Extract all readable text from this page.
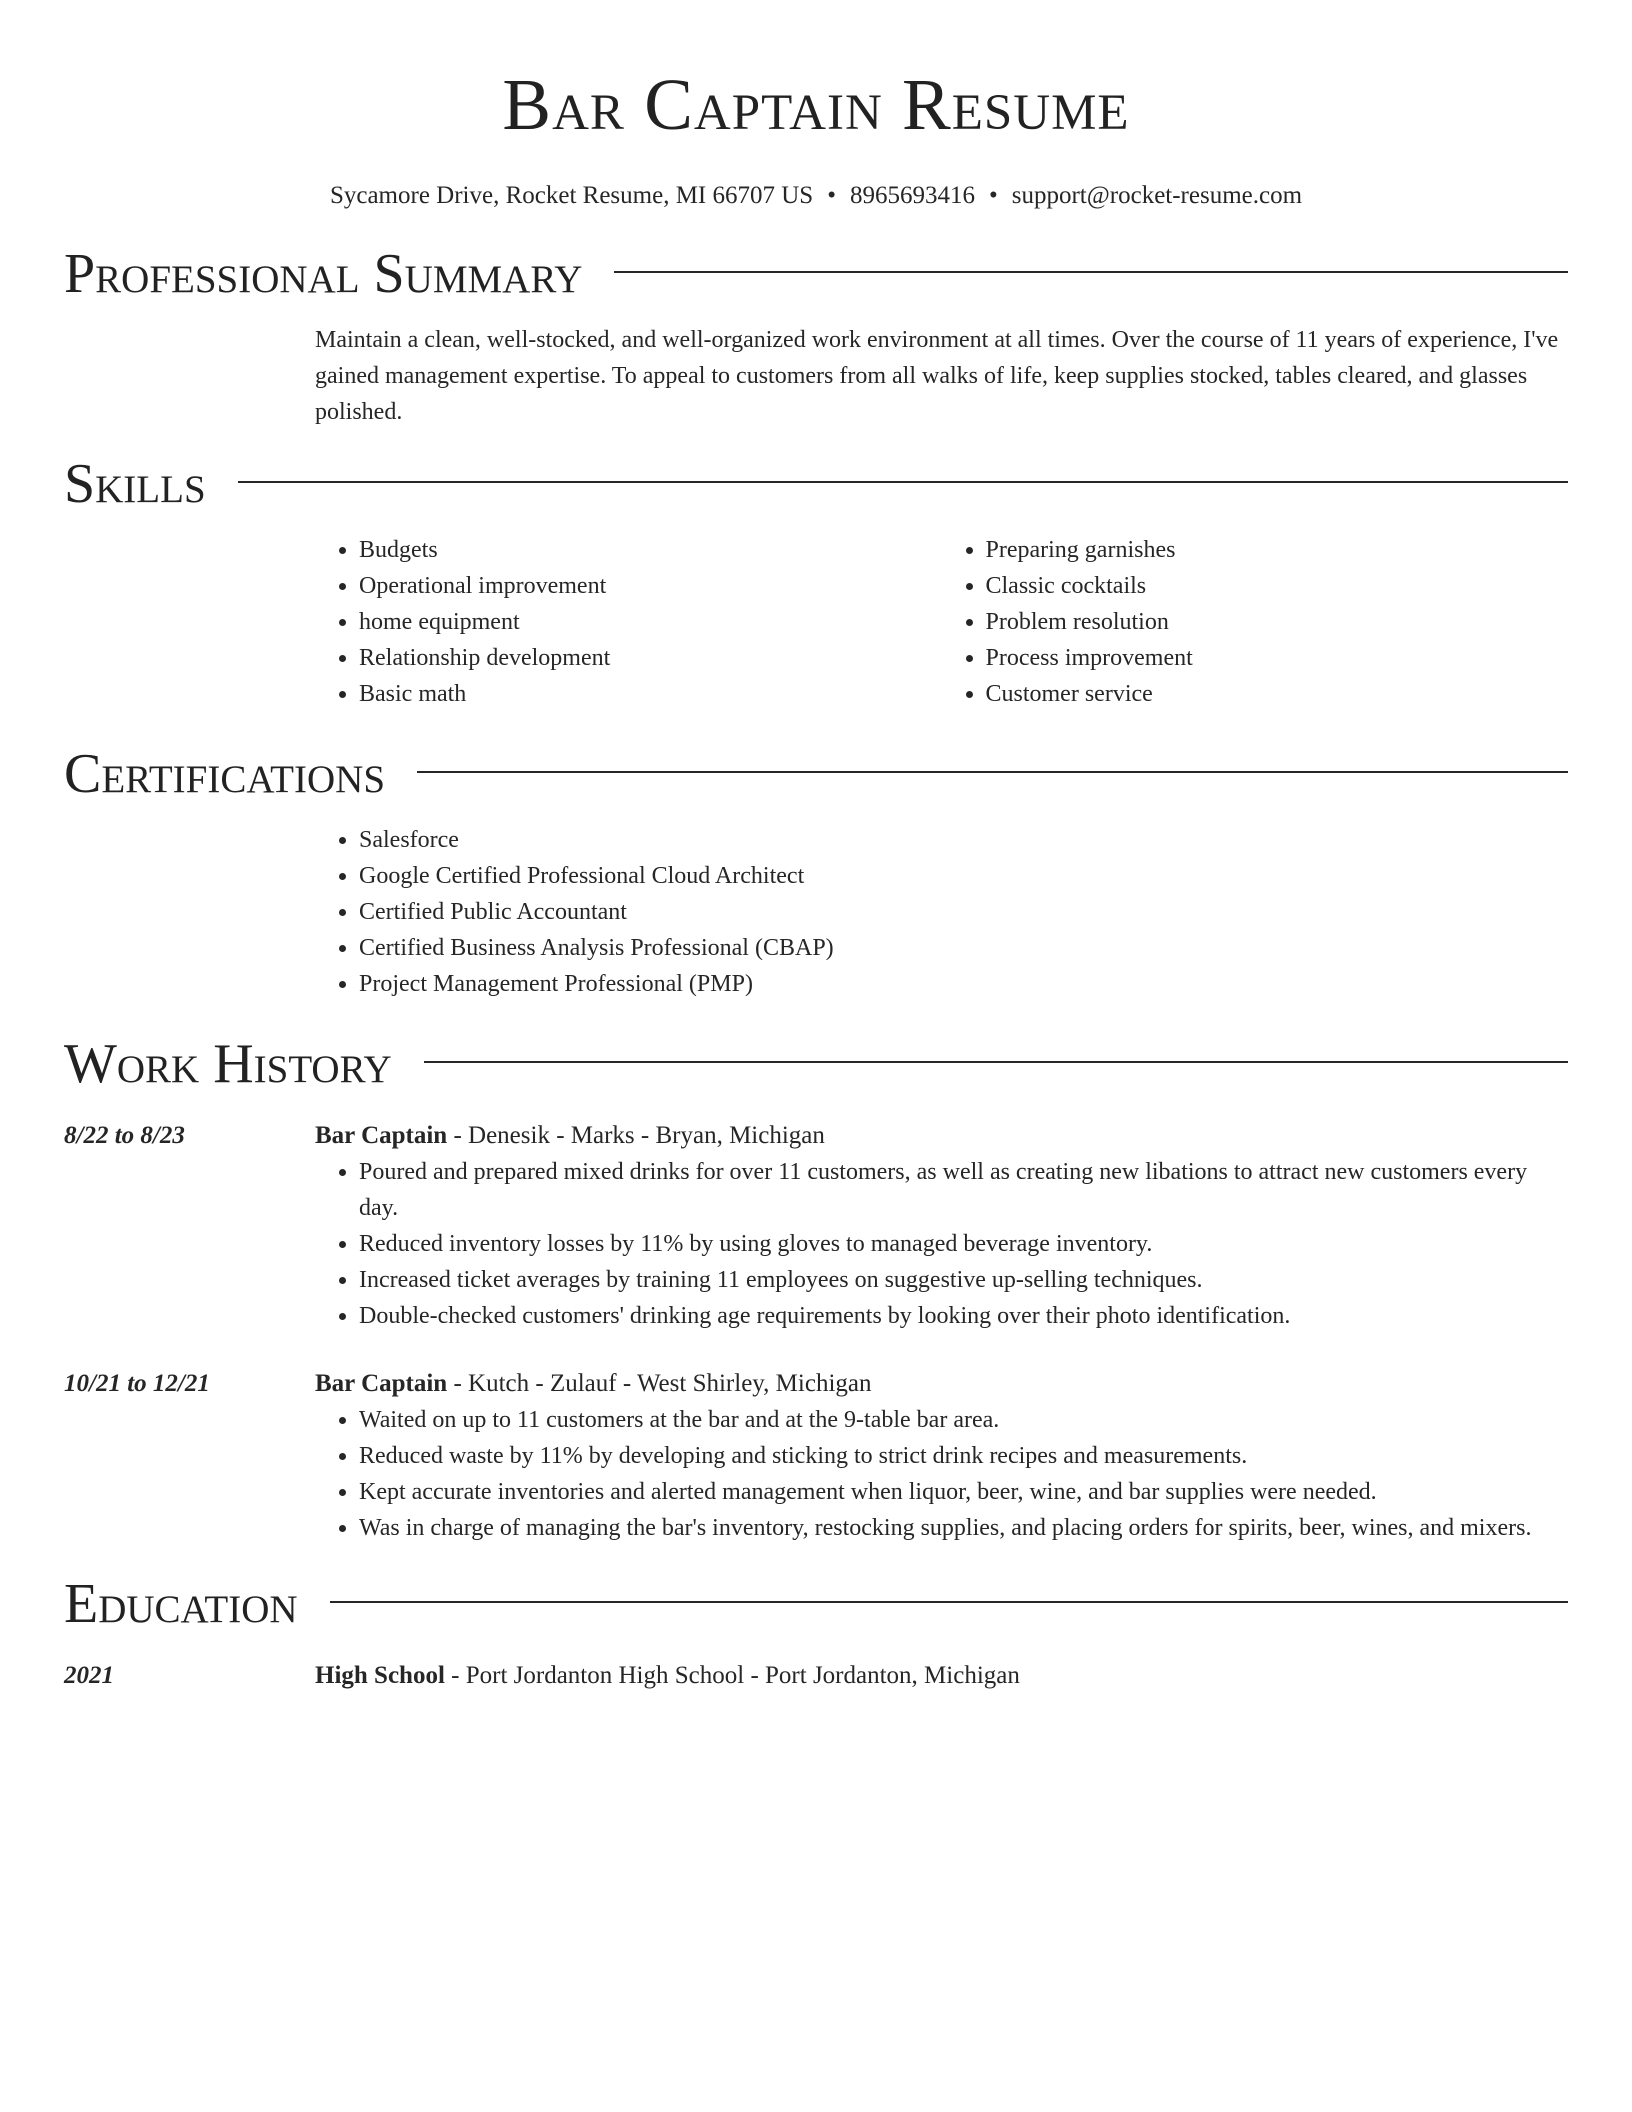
Bar Captain Resume
Sycamore Drive, Rocket Resume, MI 66707 US • 8965693416 • support@rocket-resume.com
Professional Summary

Maintain a clean, well-stocked, and well-organized work environment at all times. Over the course of 11 years of experience, I've gained management expertise. To appeal to customers from all walks of life, keep supplies stocked, tables cleared, and glasses polished.

Skills
• Budgets
• Operational improvement
• home equipment
• Relationship development
• Basic math
• Preparing garnishes
• Classic cocktails
• Problem resolution
• Process improvement
• Customer service
Certifications
• Salesforce
• Google Certified Professional Cloud Architect
• Certified Public Accountant
• Certified Business Analysis Professional (CBAP)
• Project Management Professional (PMP)
Work History
8/22 to 8/23	Bar Captain - Denesik - Marks - Bryan, Michigan
• Poured and prepared mixed drinks for over 11 customers, as well as creating new libations to attract new customers every day.
• Reduced inventory losses by 11% by using gloves to managed beverage inventory.
• Increased ticket averages by training 11 employees on suggestive up-selling techniques.
• Double-checked customers' drinking age requirements by looking over their photo identification.
10/21 to 12/21	Bar Captain - Kutch - Zulauf - West Shirley, Michigan
• Waited on up to 11 customers at the bar and at the 9-table bar area.
• Reduced waste by 11% by developing and sticking to strict drink recipes and measurements.
• Kept accurate inventories and alerted management when liquor, beer, wine, and bar supplies were needed.
• Was in charge of managing the bar's inventory, restocking supplies, and placing orders for spirits, beer, wines, and mixers.
Education
2021	High School - Port Jordanton High School - Port Jordanton, Michigan
